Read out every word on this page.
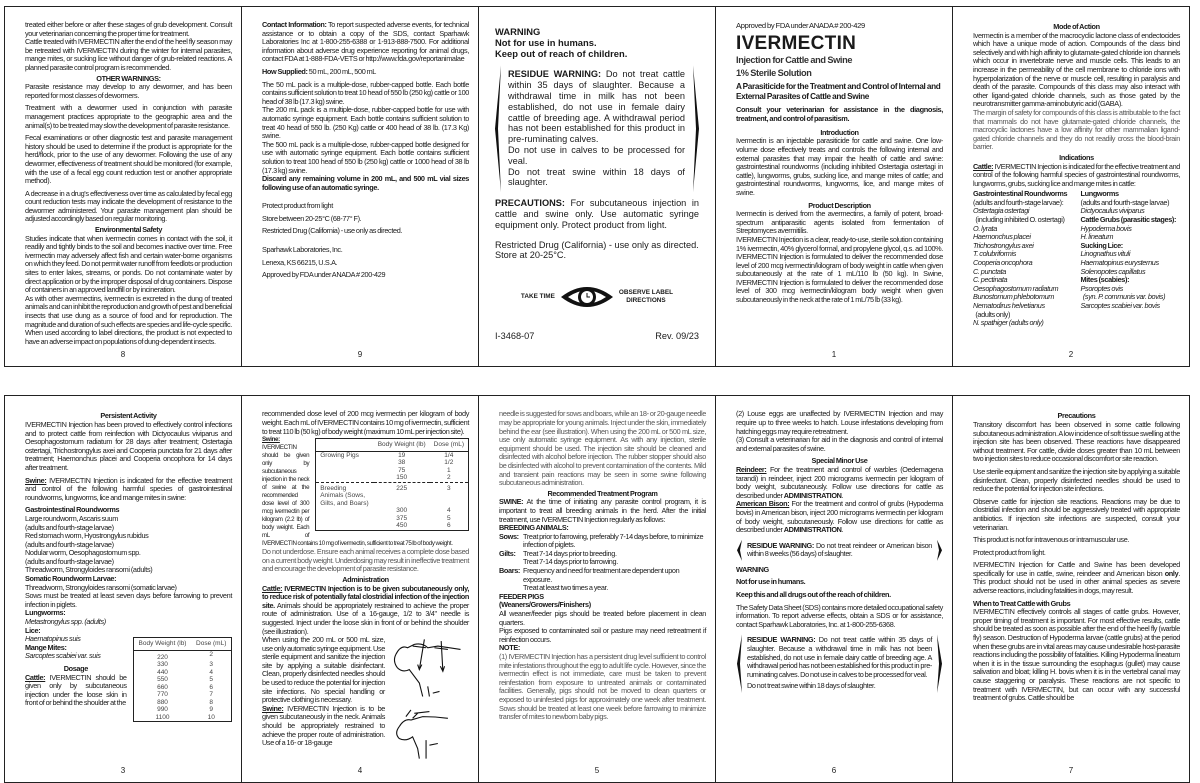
treated either before or after these stages of grub development. Consult your veterinarian concerning the proper time for treatment.
Cattle treated with IVERMECTIN after the end of the heel fly season may be retreated with IVERMECTIN during the winter for internal parasites, mange mites, or sucking lice without danger of grub-related reactions. A planned parasite control program is recommended.
OTHER WARNINGS:
Parasite resistance may develop to any dewormer, and has been reported for most classes of dewormers.
Treatment with a dewormer used in conjunction with parasite management practices appropriate to the geographic area and the animal(s) to be treated may slow the development of parasite resistance.
Fecal examinations or other diagnostic test and parasite management history should be used to determine if the product is appropriate for the herd/flock, prior to the use of any dewormer. Following the use of any dewormer, effectiveness of treatment should be monitored (for example, with the use of a fecal egg count reduction test or another appropriate method).
A decrease in a drug's effectiveness over time as calculated by fecal egg count reduction tests may indicate the development of resistance to the dewormer administered. Your parasite management plan should be adjusted accordingly based on regular monitoring.
Environmental Safety
Studies indicate that when ivermectin comes in contact with the soil, it readily and tightly binds to the soil and becomes inactive over time. Free ivermectin may adversely affect fish and certain water-borne organisms on which they feed. Do not permit water runoff from feedlots or production sites to enter lakes, streams, or ponds. Do not contaminate water by direct application or by the improper disposal of drug containers. Dispose of containers in an approved landfill or by incineration.
As with other avermectins, ivermectin is excreted in the dung of treated animals and can inhibit the reproduction and growth of pest and beneficial insects that use dung as a source of food and for reproduction. The magnitude and duration of such effects are species and life-cycle specific. When used according to label directions, the product is not expected to have an adverse impact on populations of dung-dependent insects.
8
Contact Information: To report suspected adverse events, for technical assistance or to obtain a copy of the SDS, contact Sparhawk Laboratories Inc at 1-800-255-6388 or 1-913-888-7500. For additional information about adverse drug experience reporting for animal drugs, contact FDA at 1-888-FDA-VETS or http://www.fda.gov/reportanimalae
How Supplied: 50 mL, 200 mL, 500 mL
The 50 mL pack is a multiple-dose, rubber-capped bottle. Each bottle contains sufficient solution to treat 10 head of 550 lb (250 kg) cattle or 100 head of 38 lb (17.3 kg) swine.
The 200 mL pack is a multiple-dose, rubber-capped bottle for use with automatic syringe equipment. Each bottle contains sufficient solution to treat 40 head of 550 lb. (250 Kg) cattle or 400 head of 38 lb. (17.3 Kg) swine.
The 500 mL pack is a multiple-dose, rubber-capped bottle designed for use with automatic syringe equipment. Each bottle contains sufficient solution to treat 100 head of 550 lb (250 kg) cattle or 1000 head of 38 lb (17.3 kg) swine.
Discard any remaining volume in 200 mL, and 500 mL vial sizes following use of an automatic syringe.
Protect product from light
Store between 20-25°C (68-77° F).
Restricted Drug (California) - use only as directed.
Sparhawk Laboratories, Inc.
Lenexa, KS 66215, U.S.A.
Approved by FDA under ANADA # 200-429
9
WARNING
Not for use in humans.
Keep out of reach of children.

RESIDUE WARNING: Do not treat cattle within 35 days of slaughter. Because a withdrawal time in milk has not been established, do not use in female dairy cattle of breeding age. A withdrawal period has not been established for this product in pre-ruminating calves.

Do not use in calves to be processed for veal.

Do not treat swine within 18 days of slaughter.

PRECAUTIONS: For subcutaneous injection in cattle and swine only. Use automatic syringe equipment only. Protect product from light.

Restricted Drug (California) - use only as directed.

Store at 20-25°C.

TAKE TIME
OBSERVE LABEL
DIRECTIONS
I-3468-07	Rev. 09/23
Approved by FDA under ANADA # 200-429
IVERMECTIN
Injection for Cattle and Swine
1% Sterile Solution
A Parasiticide for the Treatment and Control of Internal and External Parasites of Cattle and Swine
Consult your veterinarian for assistance in the diagnosis, treatment, and control of parasitism.
Introduction
Ivermectin is an injectable parasiticide for cattle and swine. One low-volume dose effectively treats and controls the following internal and external parasites that may impair the health of cattle and swine: gastrointestinal roundworms (including inhibited Ostertagia ostertagi in cattle), lungworms, grubs, sucking lice, and mange mites of cattle; and gastrointestinal roundworms, lungworms, lice, and mange mites of swine.
Product Description
Ivermectin is derived from the avermectins, a family of potent, broad-spectrum antiparasitic agents isolated from fermentation of Streptomyces avermitilis.
IVERMECTIN Injection is a clear, ready-to-use, sterile solution containing 1% ivermectin, 40% glycerol formal, and propylene glycol, q.s. ad 100%. IVERMECTIN Injection is formulated to deliver the recommended dose level of 200 mcg ivermectin/kilogram of body weight in cattle when given subcutaneously at the rate of 1 mL/110 lb (50 kg). In Swine, IVERMECTIN Injection is formulated to deliver the recommended dose level of 300 mcg ivermectin/kilogram body weight when given subcutaneously in the neck at the rate of 1 mL/75 lb (33 kg).
1
Mode of Action
Ivermectin is a member of the macrocyclic lactone class of endectocides which have a unique mode of action. Compounds of the class bind selectively and with high affinity to glutamate-gated chloride ion channels which occur in invertebrate nerve and muscle cells. This leads to an increase in the permeability of the cell membrane to chloride ions with hyperpolarization of the nerve or muscle cell, resulting in paralysis and death of the parasite. Compounds of this class may also interact with other ligand-gated chloride channels, such as those gated by the neurotransmitter gamma-aminobutyric acid (GABA).
The margin of safety for compounds of this class is attributable to the fact that mammals do not have glutamate-gated chloride channels, the macrocyclic lactones have a low affinity for other mammalian ligand-gated chloride channels and they do not readily cross the blood-brain barrier.
Indications
Cattle: IVERMECTIN Injection is indicated for the effective treatment and control of the following harmful species of gastrointestinal roundworms, lungworms, grubs, sucking lice and mange mites in cattle:
Gastrointestinal Roundworms
(adults and fourth-stage larvae):
Ostertagia ostertagi
(including inhibited O. ostertagi)
O. lyrata
Haemonchus placei
Trichostrongylus axei
T. colubriformis
Cooperia oncophora
C. punctata
C. pectinata
Oesophagostomum radiatum
Bunostomum phlebotomum
Nematodirus helvetianus
(adults only)
N. spathiger (adults only)
Lungworms
(adults and fourth-stage larvae)
Dictyocaulus viviparus
Cattle Grubs (parasitic stages):
Hypoderma bovis
H. lineatum
Sucking Lice:
Linognathus vituli
Haematopinus eurysternus
Solenopotes capillatus
Mites (scabies):
Psoroptes ovis
(syn. P. communis var. bovis)
Sarcoptes scabiei var. bovis
2
Persistent Activity
IVERMECTIN Injection has been proved to effectively control infections and to protect cattle from reinfection with Dictyocaulus viviparus and Oesophagostomum radiatum for 28 days after treatment; Ostertagia ostertagi, Trichostrongylus axei and Cooperia punctata for 21 days after treatment; Haemonchus placei and Cooperia oncophora for 14 days after treatment.
Swine: IVERMECTIN Injection is indicated for the effective treatment and control of the following harmful species of gastrointestinal roundworms, lungworms, lice and mange mites in swine:
Gastrointestinal Roundworms
Large roundworm, Ascaris suum
(adults and fourth-stage larvae)
Red stomach worm, Hyostrongylus rubidus
(adults and fourth-stage larvae)
Nodular worm, Oesophagostomum spp.
(adults and fourth-stage larvae)
Threadworm, Strongyloides ransomi (adults)
Somatic Roundworm Larvae:
Threadworm, Strongyloides ransomi (somatic larvae)
Sows must be treated at least seven days before farrowing to prevent infection in piglets.
Lungworms:
Metastrongylus spp. (adults)
Lice:
Body Weight (lb)	Dose (mL)
220	2
330	3
440	4
550	5
660	6
770	7
880	8
990	9
1100	10
Haematopinus suis
Mange Mites:
Sarcoptes scabiei var. suis
Dosage
Cattle: IVERMECTIN should be given only by subcutaneous injection under the loose skin in front of or behind the shoulder at the
3
recommended dose level of 200 mcg ivermectin per kilogram of body weight. Each mL of IVERMECTIN contains 10 mg of ivermectin, sufficient to treat 110 lb (50 kg) of body weight (maximum 10 mL per injection site).
	Body Weight (lb)	Dose (mL)
Growing Pigs	19	1/4
	38	1/2
	75	1
	150	2
Breeding Animals (Sows, Gilts, and Boars)	225	3
	300	4
	375	5
	450	6
Swine: IVERMECTIN should be given only by subcutaneous injection in the neck of swine at the recommended dose level of 300 mcg ivermectin per kilogram (2.2 lb) of body weight. Each mL of IVERMECTIN contains 10 mg of ivermectin, sufficient to treat 75 lb of body weight.
Do not underdose. Ensure each animal receives a complete dose based on a current body weight. Underdosing may result in ineffective treatment and encourage the development of parasite resistance.
Administration
Cattle: IVERMECTIN Injection is to be given subcutaneously only, to reduce risk of potentially fatal clostridial infection of the injection site. Animals should be appropriately restrained to achieve the proper route of administration. Use of a 16-gauge, 1/2 to 3/4" needle is suggested. Inject under the loose skin in front of or behind the shoulder (see illustration).
When using the 200 mL or 500 mL size, use only automatic syringe equipment. Use sterile equipment and sanitize the injection site by applying a suitable disinfectant. Clean, properly disinfected needles should be used to reduce the potential for injection site infections. No special handling or protective clothing is necessary.
Swine: IVERMECTIN Injection is to be given subcutaneously in the neck. Animals should be appropriately restrained to achieve the proper route of administration. Use of a 16- or 18-gauge
4
needle is suggested for sows and boars, while an 18- or 20-gauge needle may be appropriate for young animals. Inject under the skin, immediately behind the ear (see illustration). When using the 200 mL or 500 mL size, use only automatic syringe equipment. As with any injection, sterile equipment should be used. The injection site should be cleaned and disinfected with alcohol before injection. The rubber stopper should also be disinfected with alcohol to prevent contamination of the contents. Mild and transient pain reactions may be seen in some swine following subcutaneous administration.
Recommended Treatment Program
SWINE: At the time of initiating any parasite control program, it is important to treat all breeding animals in the herd. After the initial treatment, use IVERMECTIN Injection regularly as follows:
BREEDING ANIMALS:
Sows: Treat prior to farrowing, preferably 7-14 days before, to minimize infection of piglets.
Gilts:	Treat 7-14 days prior to breeding.
Treat 7-14 days prior to farrowing.
Boars: Frequency and need for treatment are dependent upon exposure.
Treat at least two times a year.
FEEDER PIGS
(Weaners/Growers/Finishers)
All weaner/feeder pigs should be treated before placement in clean quarters.
Pigs exposed to contaminated soil or pasture may need retreatment if reinfection occurs.
NOTE:
(1) IVERMECTIN Injection has a persistent drug level sufficient to control mite infestations throughout the egg to adult life cycle. However, since the ivermectin effect is not immediate, care must be taken to prevent reinfestation from exposure to untreated animals or contaminated facilities. Generally, pigs should not be moved to clean quarters or exposed to uninfested pigs for approximately one week after treatment. Sows should be treated at least one week before farrowing to minimize transfer of mites to newborn baby pigs.
5
(2) Louse eggs are unaffected by IVERMECTIN Injection and may require up to three weeks to hatch. Louse infestations developing from hatching eggs may require retreatment.
(3) Consult a veterinarian for aid in the diagnosis and control of internal and external parasites of swine.
Special Minor Use
Reindeer: For the treatment and control of warbles (Oedemagena tarandi) in reindeer, inject 200 micrograms ivermectin per kilogram of body weight, subcutaneously. Follow use directions for cattle as described under ADMINISTRATION.
American Bison: For the treatment and control of grubs (Hypoderma bovis) in American bison, inject 200 micrograms ivermectin per kilogram of body weight, subcutaneously. Follow use directions for cattle as described under ADMINISTRATION.
RESIDUE WARNING: Do not treat reindeer or American bison within 8 weeks (56 days) of slaughter.
WARNING
Not for use in humans.
Keep this and all drugs out of the reach of children.
The Safety Data Sheet (SDS) contains more detailed occupational safety information. To report adverse effects, obtain a SDS or for assistance, contact Sparhawk Laboratories, Inc. at 1-800-255-6368.
RESIDUE WARNING: Do not treat cattle within 35 days of slaughter. Because a withdrawal time in milk has not been established, do not use in female dairy cattle of breeding age. A withdrawal period has not been established for this product in pre-ruminating calves. Do not use in calves to be processed for veal.
Do not treat swine within 18 days of slaughter.
6
Precautions
Transitory discomfort has been observed in some cattle following subcutaneous administration. A low incidence of soft tissue swelling at the injection site has been observed. These reactions have disappeared without treatment. For cattle, divide doses greater than 10 mL between two injection sites to reduce occasional discomfort or site reaction.
Use sterile equipment and sanitize the injection site by applying a suitable disinfectant. Clean, properly disinfected needles should be used to reduce the potential for injection site infections.
Observe cattle for injection site reactions. Reactions may be due to clostridial infection and should be aggressively treated with appropriate antibiotics. If injection site infections are suspected, consult your veterinarian.
This product is not for intravenous or intramuscular use.
Protect product from light.
IVERMECTIN Injection for Cattle and Swine has been developed specifically for use in cattle, swine, reindeer and American bison only. This product should not be used in other animal species as severe adverse reactions, including fatalities in dogs, may result.
When to Treat Cattle with Grubs
IVERMECTIN effectively controls all stages of cattle grubs. However, proper timing of treatment is important. For most effective results, cattle should be treated as soon as possible after the end of the heel fly (warble fly) season. Destruction of Hypoderma larvae (cattle grubs) at the period when these grubs are in vital areas may cause undesirable host-parasite reactions including the possibility of fatalities. Killing Hypoderma lineatum when it is in the tissue surrounding the esophagus (gullet) may cause salivation and bloat; killing H. bovis when it is in the vertebral canal may cause staggering or paralysis. These reactions are not specific to treatment with IVERMECTIN, but can occur with any successful treatment of grubs. Cattle should be
7
